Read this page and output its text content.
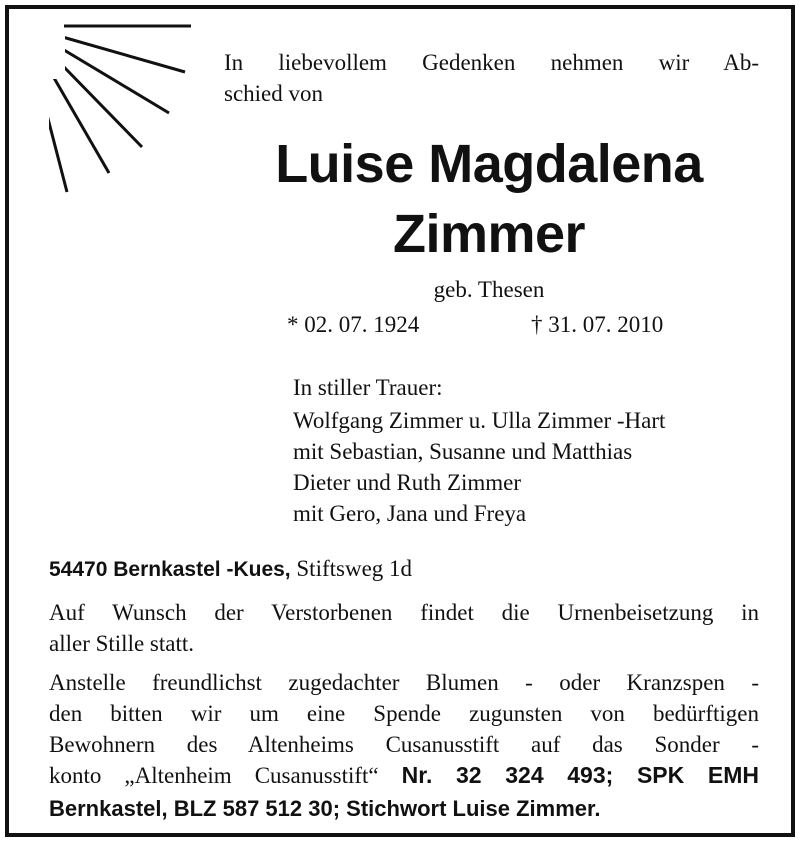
In liebevollem Gedenken nehmen wir Ab-
schied von
Luise Magdalena
Zimmer
geb. Thesen
* 02. 07. 1924	† 31. 07. 2010
In stiller Trauer:
Wolfgang Zimmer u. Ulla Zimmer -Hart
mit Sebastian, Susanne und Matthias
Dieter und Ruth Zimmer
mit Gero, Jana und Freya
54470 Bernkastel -Kues, Stiftsweg 1d
Auf Wunsch der Verstorbenen findet die Urnenbeisetzung in
aller Stille statt.
Anstelle freundlichst zugedachter Blumen - oder Kranzspen -
den bitten wir um eine Spende zugunsten von bedürftigen
Bewohnern des Altenheims Cusanusstift auf das Sonder -
konto „Altenheim Cusanusstift“ Nr. 32 324 493; SPK EMH
Bernkastel, BLZ 587 512 30; Stichwort Luise Zimmer.
